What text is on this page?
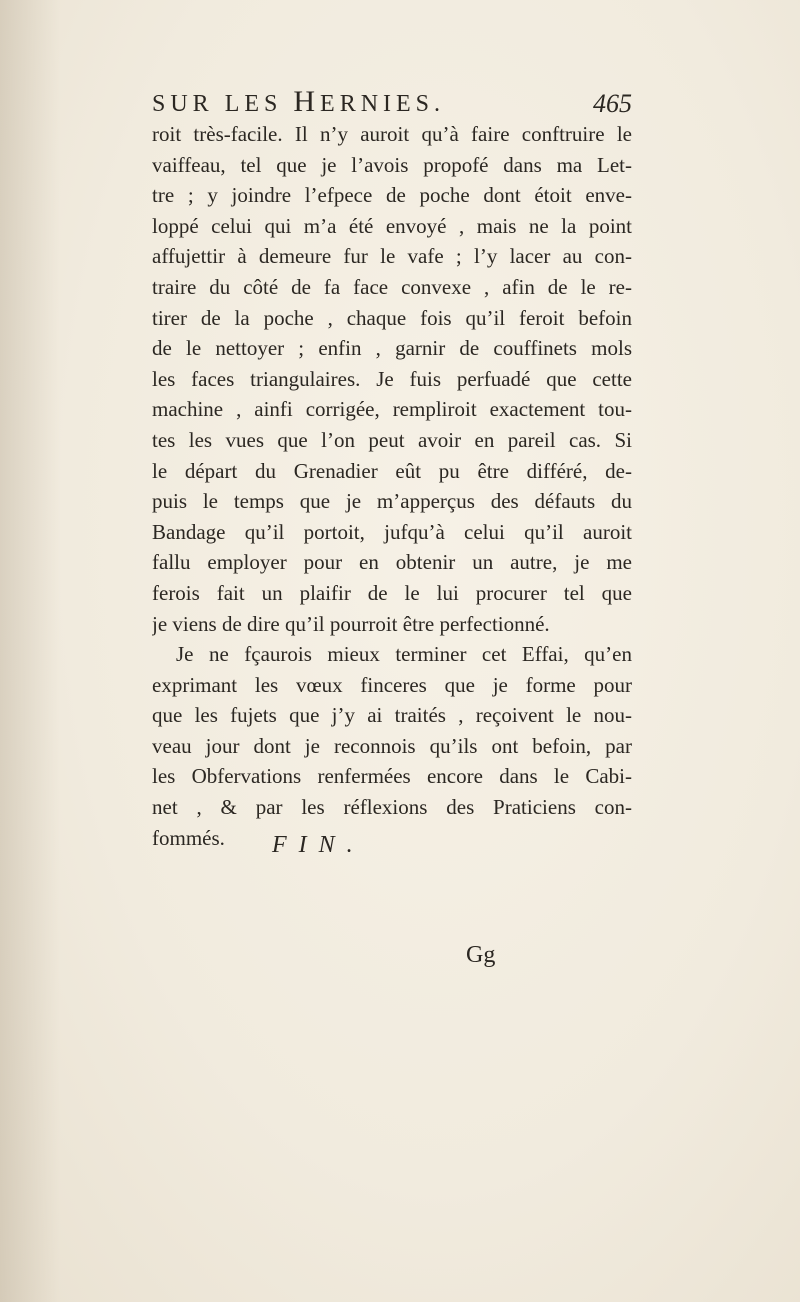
SUR LES HERNIES.	465
roit très-facile. Il n’y auroit qu’à faire conftruire le
vaiffeau, tel que je l’avois propofé dans ma Let-
tre ; y joindre l’efpece de poche dont étoit enve-
loppé celui qui m’a été envoyé , mais ne la point
affujettir à demeure fur le vafe ; l’y lacer au con-
traire du côté de fa face convexe , afin de le re-
tirer de la poche , chaque fois qu’il feroit befoin
de le nettoyer ; enfin , garnir de couffinets mols
les faces triangulaires. Je fuis perfuadé que cette
machine , ainfi corrigée, rempliroit exactement tou-
tes les vues que l’on peut avoir en pareil cas. Si
le départ du Grenadier eût pu être différé, de-
puis le temps que je m’apperçus des défauts du
Bandage qu’il portoit, jufqu’à celui qu’il auroit
fallu employer pour en obtenir un autre, je me
ferois fait un plaifir de le lui procurer tel que
je viens de dire qu’il pourroit être perfectionné.
Je ne fçaurois mieux terminer cet Effai, qu’en
exprimant les vœux finceres que je forme pour
que les fujets que j’y ai traités , reçoivent le nou-
veau jour dont je reconnois qu’ils ont befoin, par
les Obfervations renfermées encore dans le Cabi-
net , & par les réflexions des Praticiens con-
fommés.	FIN.
Gg
